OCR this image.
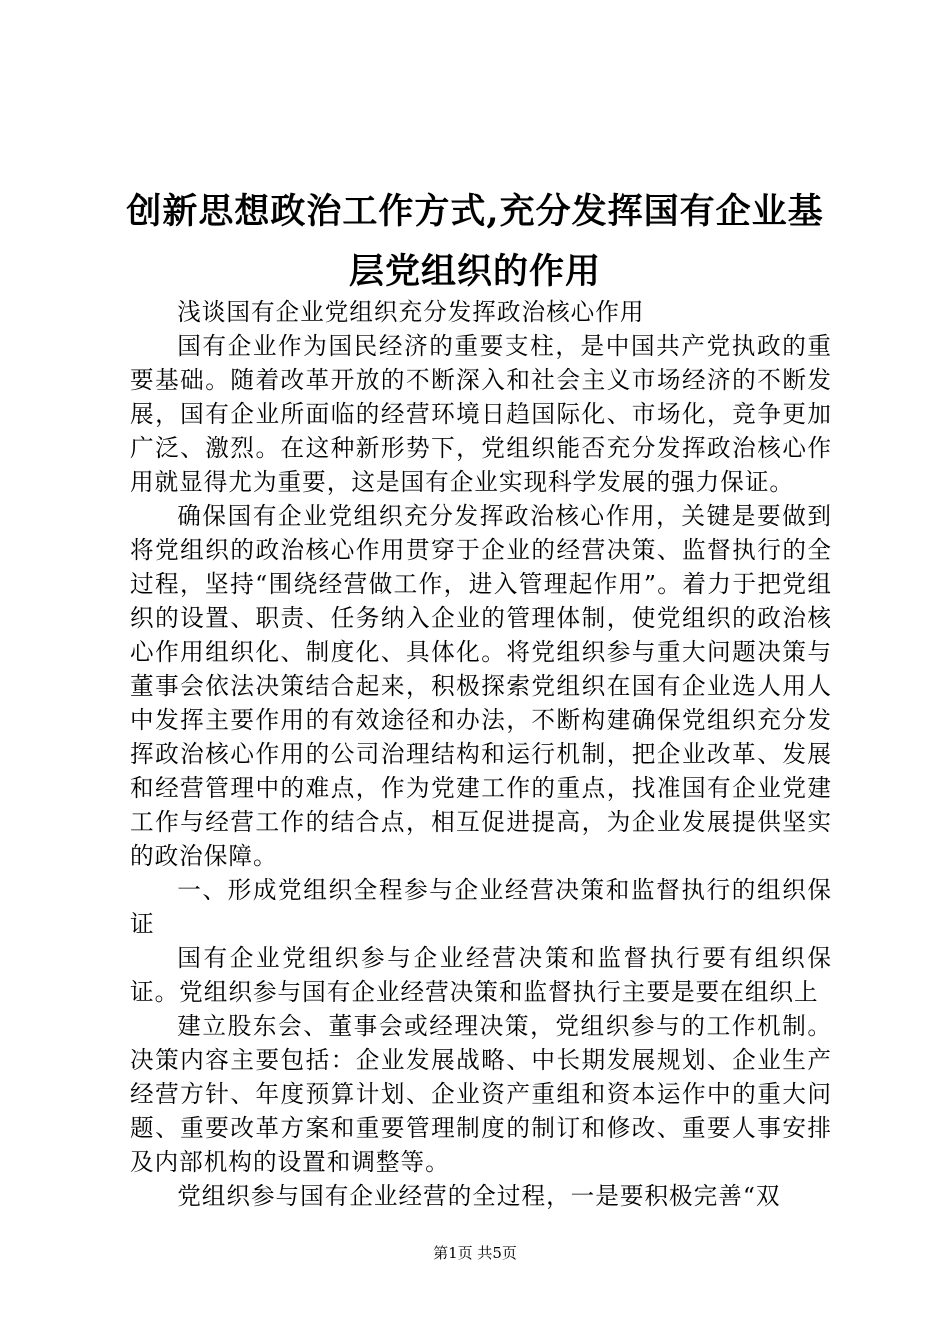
创新思想政治工作方式,充分发挥国有企业基层党组织的作用

浅谈国有企业党组织充分发挥政治核心作用

国有企业作为国民经济的重要支柱，是中国共产党执政的重要基础。随着改革开放的不断深入和社会主义市场经济的不断发展，国有企业所面临的经营环境日趋国际化、市场化，竞争更加广泛、激烈。在这种新形势下，党组织能否充分发挥政治核心作用就显得尤为重要，这是国有企业实现科学发展的强力保证。

确保国有企业党组织充分发挥政治核心作用，关键是要做到将党组织的政治核心作用贯穿于企业的经营决策、监督执行的全过程，坚持“围绕经营做工作，进入管理起作用”。着力于把党组织的设置、职责、任务纳入企业的管理体制，使党组织的政治核心作用组织化、制度化、具体化。将党组织参与重大问题决策与董事会依法决策结合起来，积极探索党组织在国有企业选人用人中发挥主要作用的有效途径和办法，不断构建确保党组织充分发挥政治核心作用的公司治理结构和运行机制，把企业改革、发展和经营管理中的难点，作为党建工作的重点，找准国有企业党建工作与经营工作的结合点，相互促进提高，为企业发展提供坚实的政治保障。

一、形成党组织全程参与企业经营决策和监督执行的组织保证

国有企业党组织参与企业经营决策和监督执行要有组织保证。党组织参与国有企业经营决策和监督执行主要是要在组织上

建立股东会、董事会或经理决策，党组织参与的工作机制。决策内容主要包括：企业发展战略、中长期发展规划、企业生产经营方针、年度预算计划、企业资产重组和资本运作中的重大问题、重要改革方案和重要管理制度的制订和修改、重要人事安排及内部机构的设置和调整等。

党组织参与国有企业经营的全过程，一是要积极完善“双

第1页 共5页
